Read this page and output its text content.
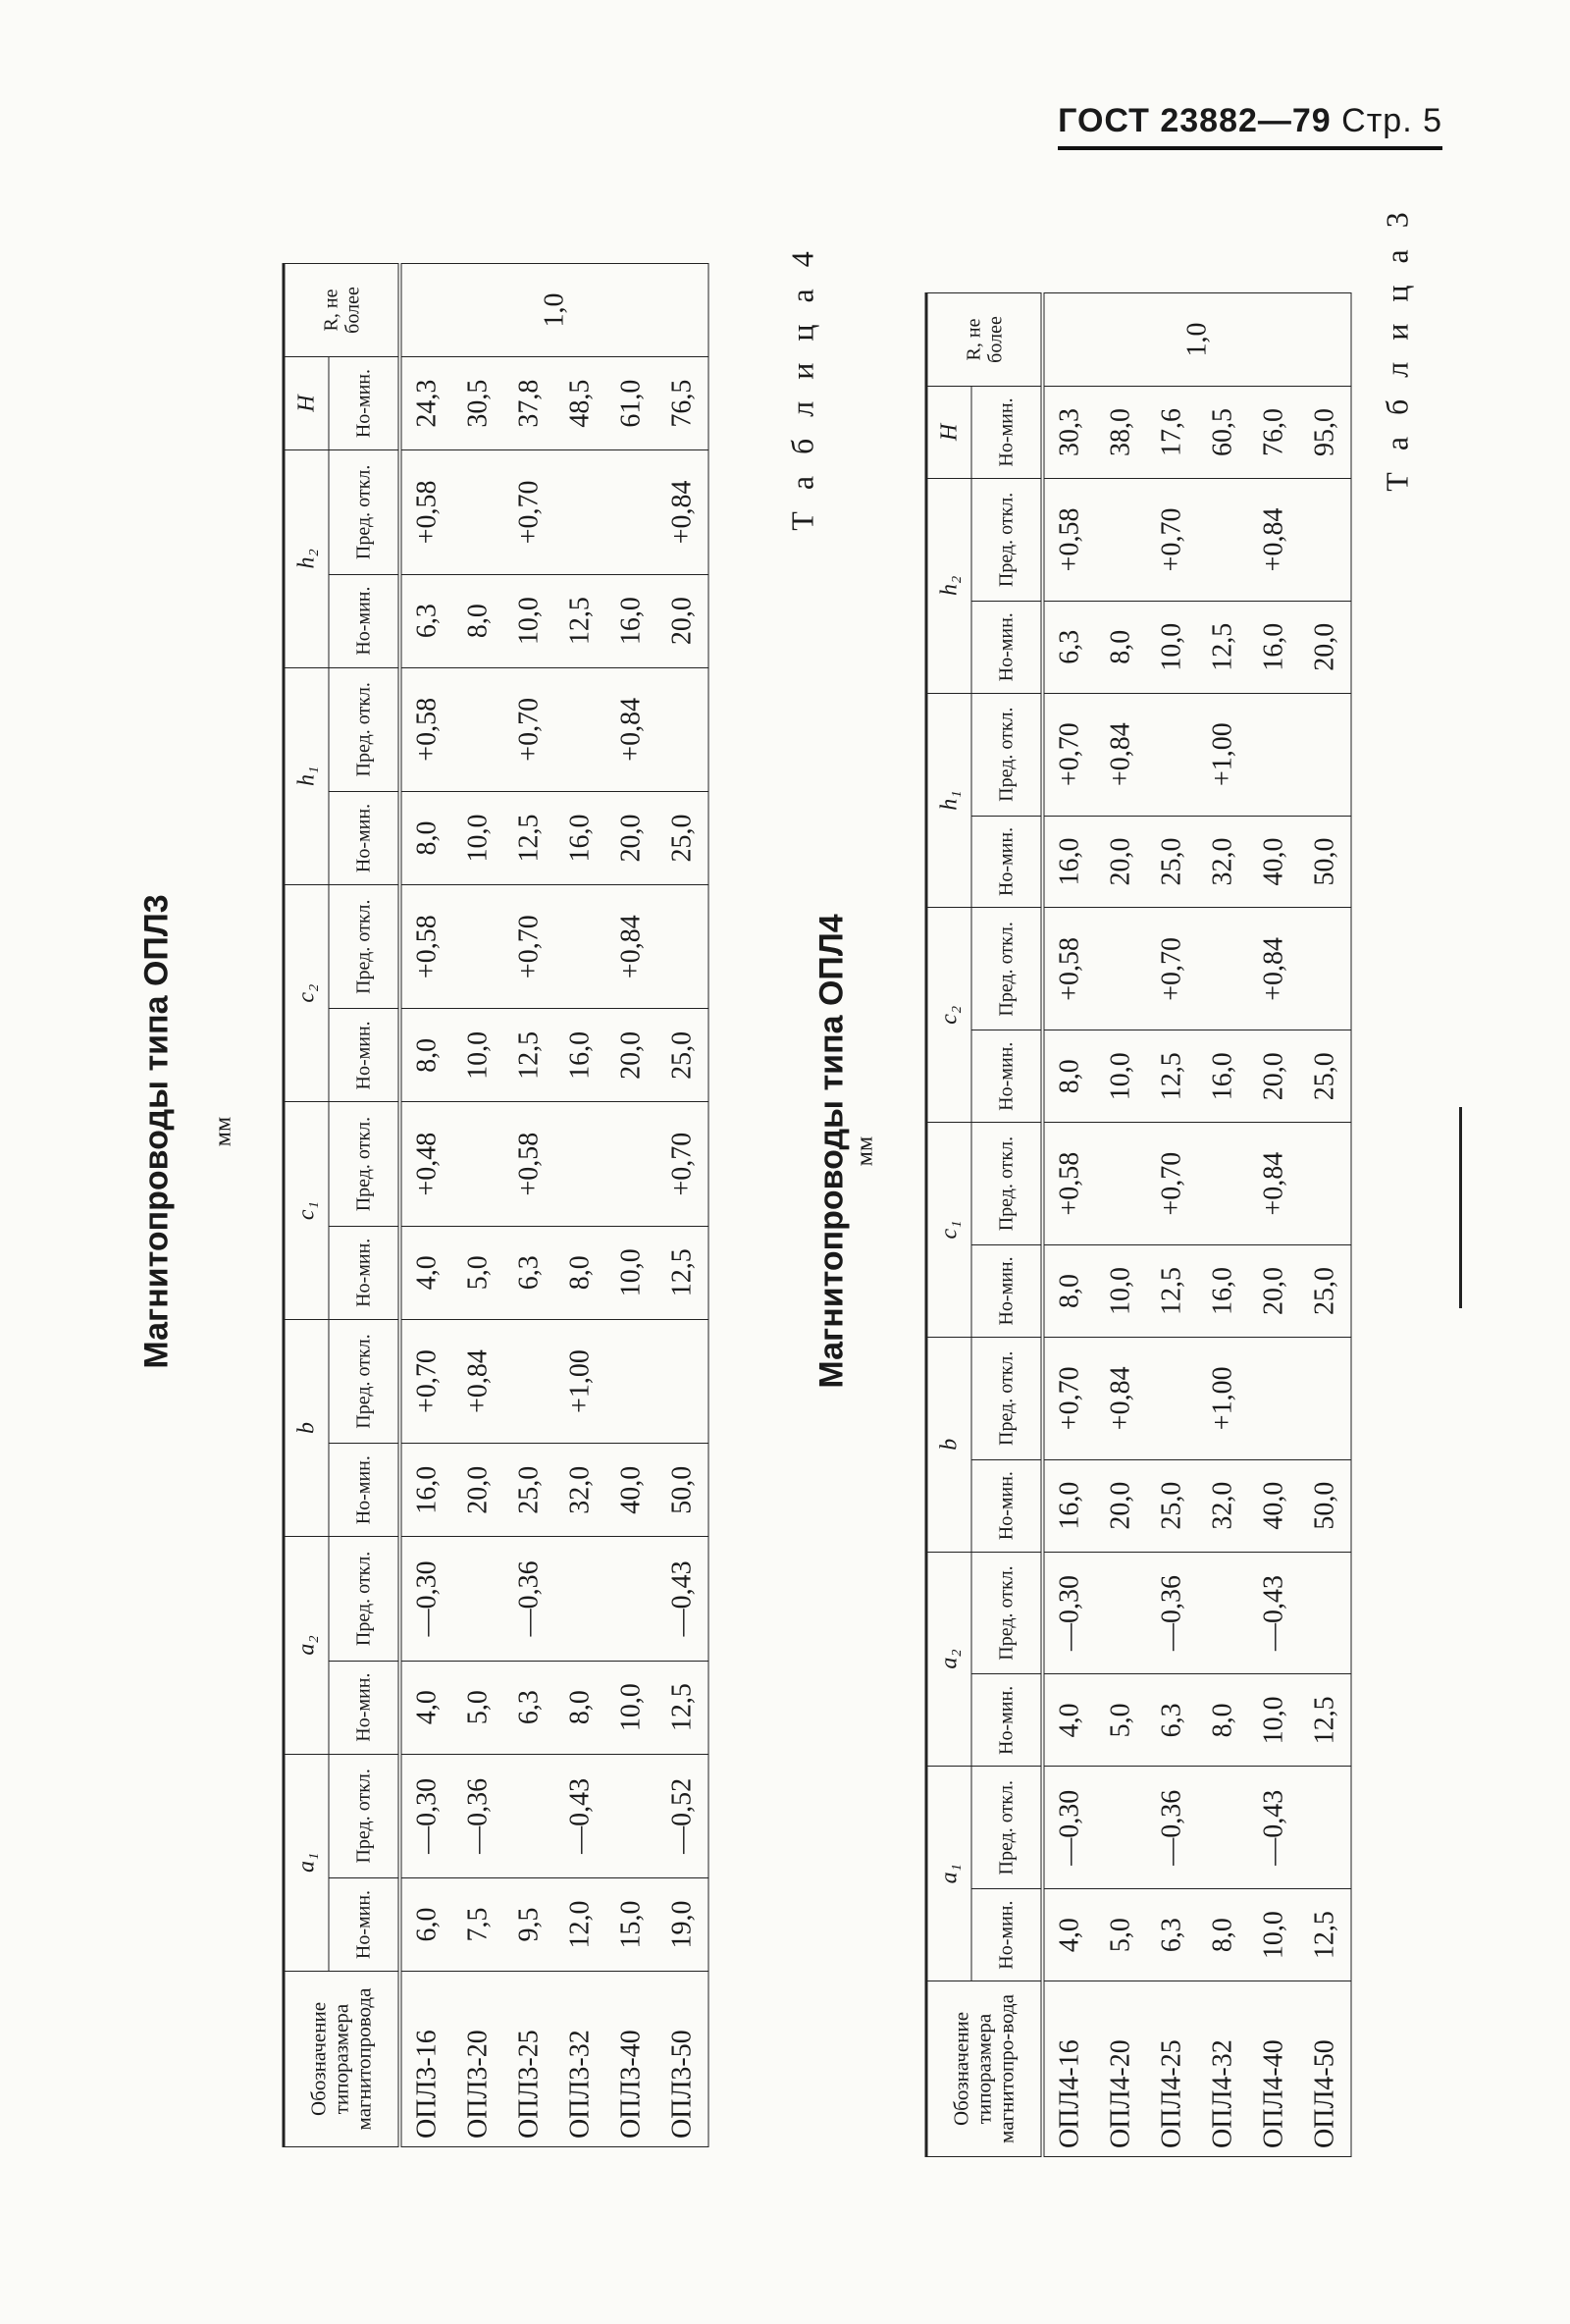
ГОСТ 23882—79 Стр. 5
Т а б л и ц а 3
Магнитопроводы типа ОПЛ3 мм
Т а б л и ц а 4
Магнитопроводы типа ОПЛ4 мм
Обозначение типоразмера магнитопровода	a₁		a₂		b		c₁		c₂		h₁		h₂		H	R, не более
	Но-мин.	Пред. откл.	Но-мин.	Пред. откл.	Но-мин.	Пред. откл.	Но-мин.	Пред. откл.	Но-мин.	Пред. откл.	Но-мин.	Пред. откл.	Но-мин.	Пред. откл.	Но-мин.	
ОПЛ3-16	6,0	—0,30	4,0	—0,30	16,0	+0,70	4,0	+0,48	8,0	+0,58	8,0	+0,58	6,3	+0,58	24,3	1,0
ОПЛ3-20	7,5	—0,36	5,0		20,0	+0,84	5,0		10,0		10,0		8,0		30,5	
ОПЛ3-25	9,5		6,3	—0,36	25,0		6,3	+0,58	12,5	+0,70	12,5	+0,70	10,0	+0,70	37,8	
ОПЛ3-32	12,0	—0,43	8,0		32,0	+1,00	8,0		16,0		16,0		12,5		48,5	
ОПЛ3-40	15,0		10,0		40,0		10,0		20,0	+0,84	20,0	+0,84	16,0		61,0	
ОПЛ3-50	19,0	—0,52	12,5	—0,43	50,0		12,5	+0,70	25,0		25,0		20,0	+0,84	76,5	
Обозначение типоразмера магнитопро-вода	a₁		a₂		b		c₁		c₂		h₁		h₂		H	R, не более
	Но-мин.	Пред. откл.	Но-мин.	Пред. откл.	Но-мин.	Пред. откл.	Но-мин.	Пред. откл.	Но-мин.	Пред. откл.	Но-мин.	Пред. откл.	Но-мин.	Пред. откл.	Но-мин.	
ОПЛ4-16	4,0	—0,30	4,0	—0,30	16,0	+0,70	8,0	+0,58	8,0	+0,58	16,0	+0,70	6,3	+0,58	30,3	1,0
ОПЛ4-20	5,0		5,0		20,0	+0,84	10,0		10,0		20,0	+0,84	8,0		38,0	
ОПЛ4-25	6,3	—0,36	6,3	—0,36	25,0		12,5	+0,70	12,5	+0,70	25,0		10,0	+0,70	17,6	
ОПЛ4-32	8,0		8,0		32,0	+1,00	16,0		16,0		32,0	+1,00	12,5		60,5	
ОПЛ4-40	10,0	—0,43	10,0	—0,43	40,0		20,0	+0,84	20,0	+0,84	40,0		16,0	+0,84	76,0	
ОПЛ4-50	12,5		12,5		50,0		25,0		25,0		50,0		20,0		95,0	
